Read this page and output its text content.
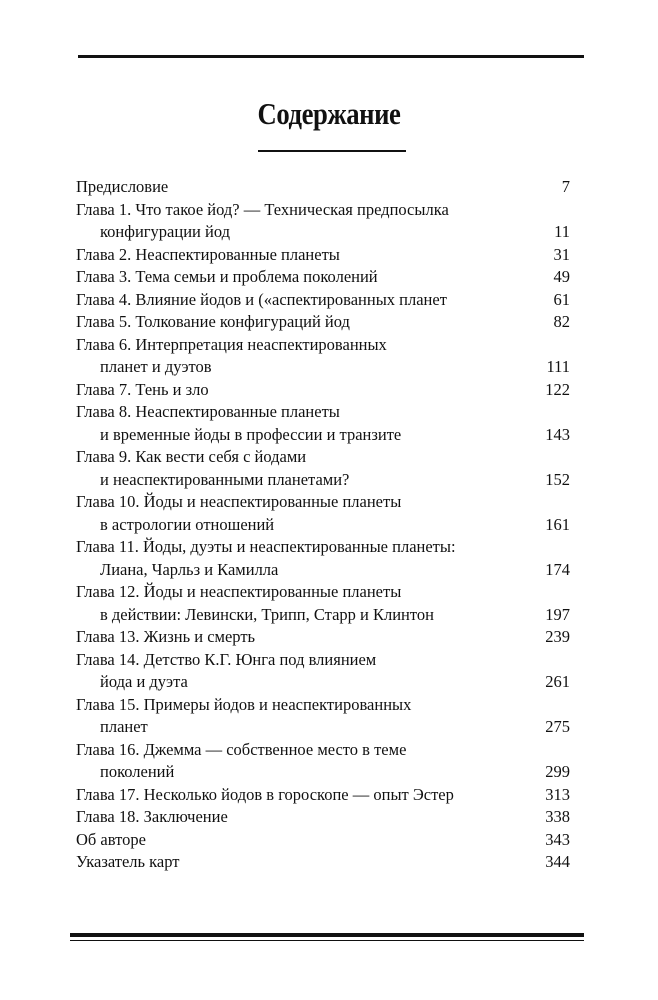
Содержание
Предисловие	7
Глава 1. Что такое йод? — Техническая предпосылка
конфигурации йод	11
Глава 2. Неаспектированные планеты	31
Глава 3. Тема семьи и проблема поколений	49
Глава 4. Влияние йодов и («аспектированных планет	61
Глава 5. Толкование конфигураций йод	82
Глава 6. Интерпретация неаспектированных
планет и дуэтов	111
Глава 7. Тень и зло	122
Глава 8. Неаспектированные планеты
и временные йоды в профессии и транзите	143
Глава 9. Как вести себя с йодами
и неаспектированными планетами?	152
Глава 10. Йоды и неаспектированные планеты
в астрологии отношений	161
Глава 11. Йоды, дуэты и неаспектированные планеты:
Лиана, Чарльз и Камилла	174
Глава 12. Йоды и неаспектированные планеты
в действии: Левински, Трипп, Старр и Клинтон	197
Глава 13. Жизнь и смерть	239
Глава 14. Детство К.Г. Юнга под влиянием
йода и дуэта	261
Глава 15. Примеры йодов и неаспектированных
планет	275
Глава 16. Джемма — собственное место в теме
поколений	299
Глава 17. Несколько йодов в гороскопе — опыт Эстер	313
Глава 18. Заключение	338
Об авторе	343
Указатель карт	344
